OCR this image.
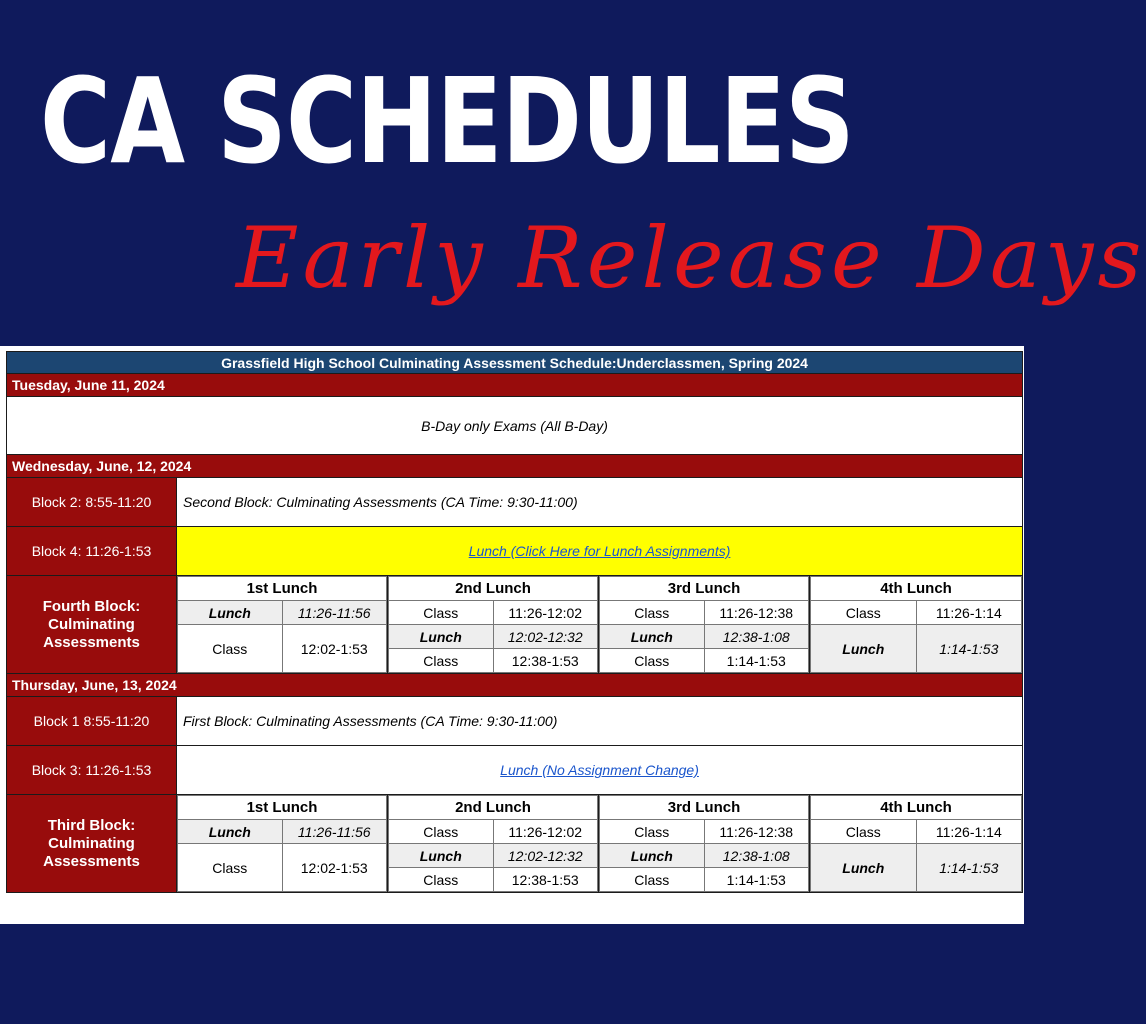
CA SCHEDULES
Early Release Days
Grassfield High School Culminating Assessment Schedule:Underclassmen, Spring 2024
Tuesday, June 11, 2024
B-Day only Exams (All B-Day)
Wednesday, June, 12, 2024
Block 2: 8:55-11:20	Second Block: Culminating Assessments (CA Time: 9:30-11:00)
Block 4: 11:26-1:53	Lunch (Click Here for Lunch Assignments)
Fourth Block: Culminating Assessments	
1st Lunch
Lunch	11:26-11:56
Class	12:02-1:53

2nd Lunch
Class	11:26-12:02
Lunch	12:02-12:32
Class	12:38-1:53

3rd Lunch
Class	11:26-12:38
Lunch	12:38-1:08
Class	1:14-1:53

4th Lunch
Class	11:26-1:14
Lunch	1:14-1:53

Thursday, June, 13, 2024
Block 1 8:55-11:20	First Block: Culminating Assessments (CA Time: 9:30-11:00)
Block 3: 11:26-1:53	Lunch (No Assignment Change)
Third Block: Culminating Assessments	
1st Lunch
Lunch	11:26-11:56
Class	12:02-1:53

2nd Lunch
Class	11:26-12:02
Lunch	12:02-12:32
Class	12:38-1:53

3rd Lunch
Class	11:26-12:38
Lunch	12:38-1:08
Class	1:14-1:53

4th Lunch
Class	11:26-1:14
Lunch	1:14-1:53
